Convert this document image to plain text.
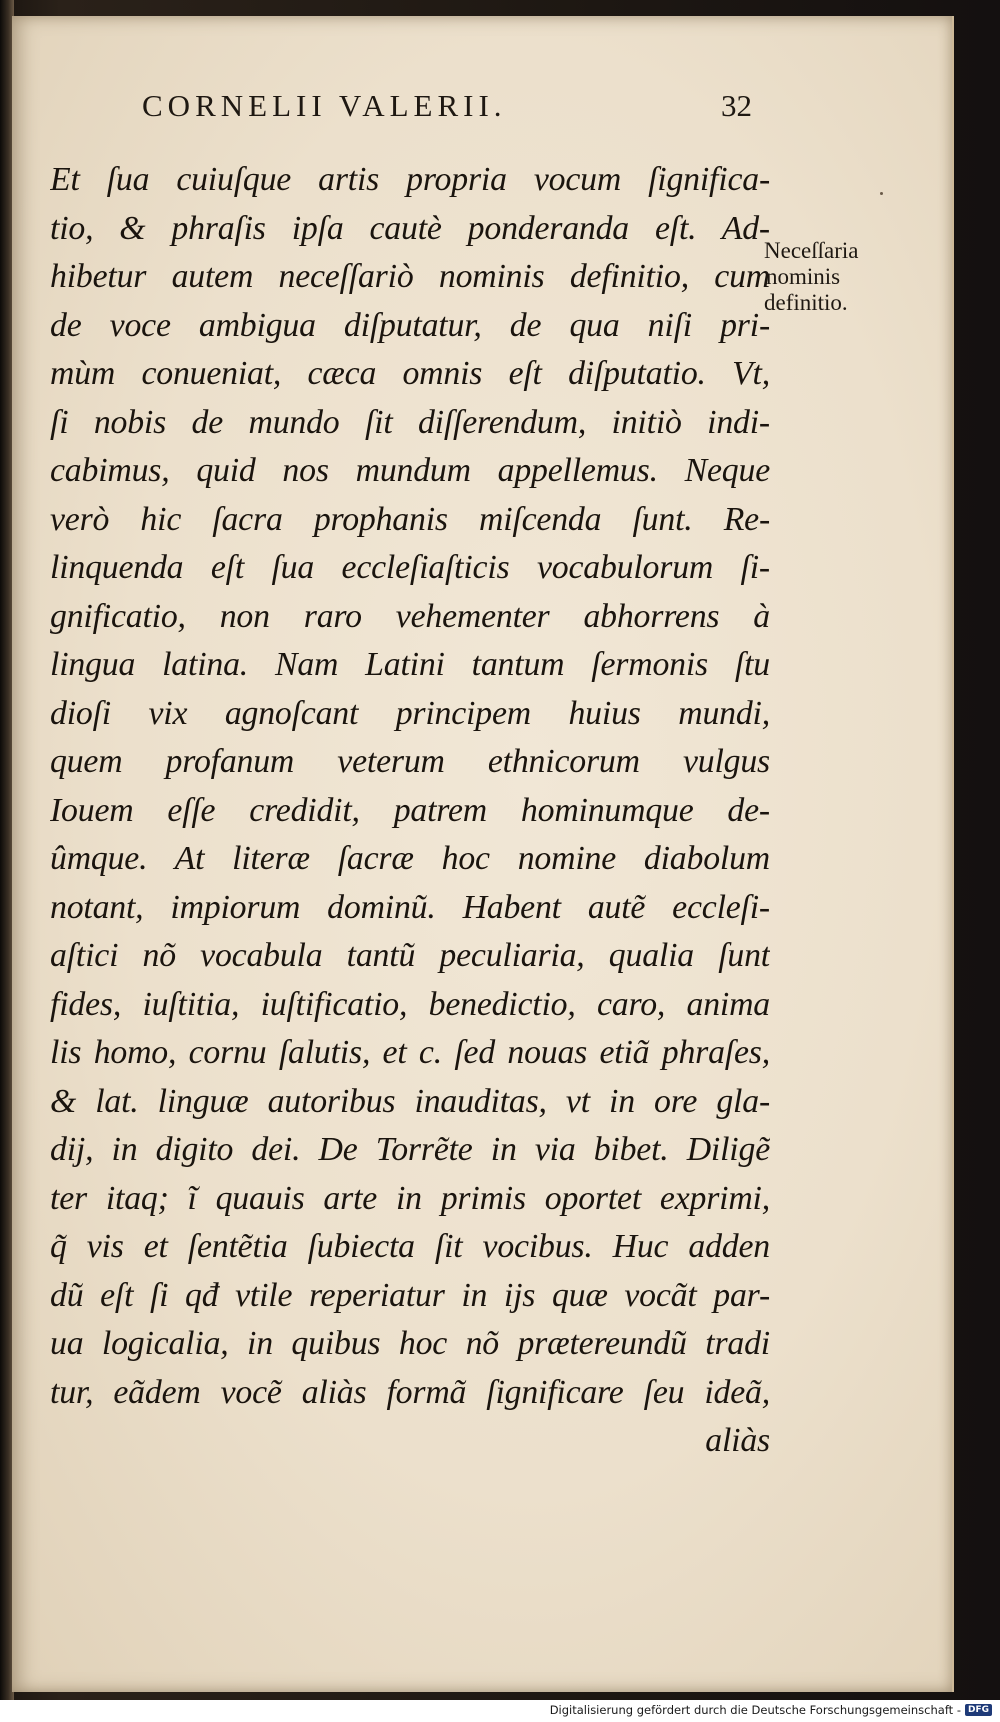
CORNELII VALERII.	32
Neceſſaria
nominis
definitio.
Et ſua cuiuſque artis propria vocum ſignifica-
tio, & phraſis ipſa cautè ponderanda eſt. Ad-
hibetur autem neceſſariò nominis definitio, cum
de voce ambigua diſputatur, de qua niſi pri-
mùm conueniat, cæca omnis eſt diſputatio. Vt,
ſi nobis de mundo ſit diſſerendum, initiò indi-
cabimus, quid nos mundum appellemus. Neque
verò hic ſacra prophanis miſcenda ſunt. Re-
linquenda eſt ſua eccleſiaſticis vocabulorum ſi-
gnificatio, non raro vehementer abhorrens à
lingua latina. Nam Latini tantum ſermonis ſtu
dioſi vix agnoſcant principem huius mundi,
quem profanum veterum ethnicorum vulgus
Iouem eſſe credidit, patrem hominumque de-
ûmque. At literæ ſacræ hoc nomine diabolum
notant, impiorum dominũ. Habent autẽ eccleſi-
aſtici nõ vocabula tantũ peculiaria, qualia ſunt
fides, iuſtitia, iuſtificatio, benedictio, caro, anima
lis homo, cornu ſalutis, et c. ſed nouas etiã phraſes,
& lat. linguæ autoribus inauditas, vt in ore gla-
dij, in digito dei. De Torrẽte in via bibet. Diligẽ
ter itaq; ĩ quauis arte in primis oportet exprimi,
q̃ vis et ſentẽtia ſubiecta ſit vocibus. Huc adden
dũ eſt ſi qđ vtile reperiatur in ijs quæ vocãt par-
ua logicalia, in quibus hoc nõ prætereundũ tradi
tur, eãdem vocẽ aliàs formã ſignificare ſeu ideã,
aliàs
Digitalisierung gefördert durch die Deutsche Forschungsgemeinschaft - DFG
